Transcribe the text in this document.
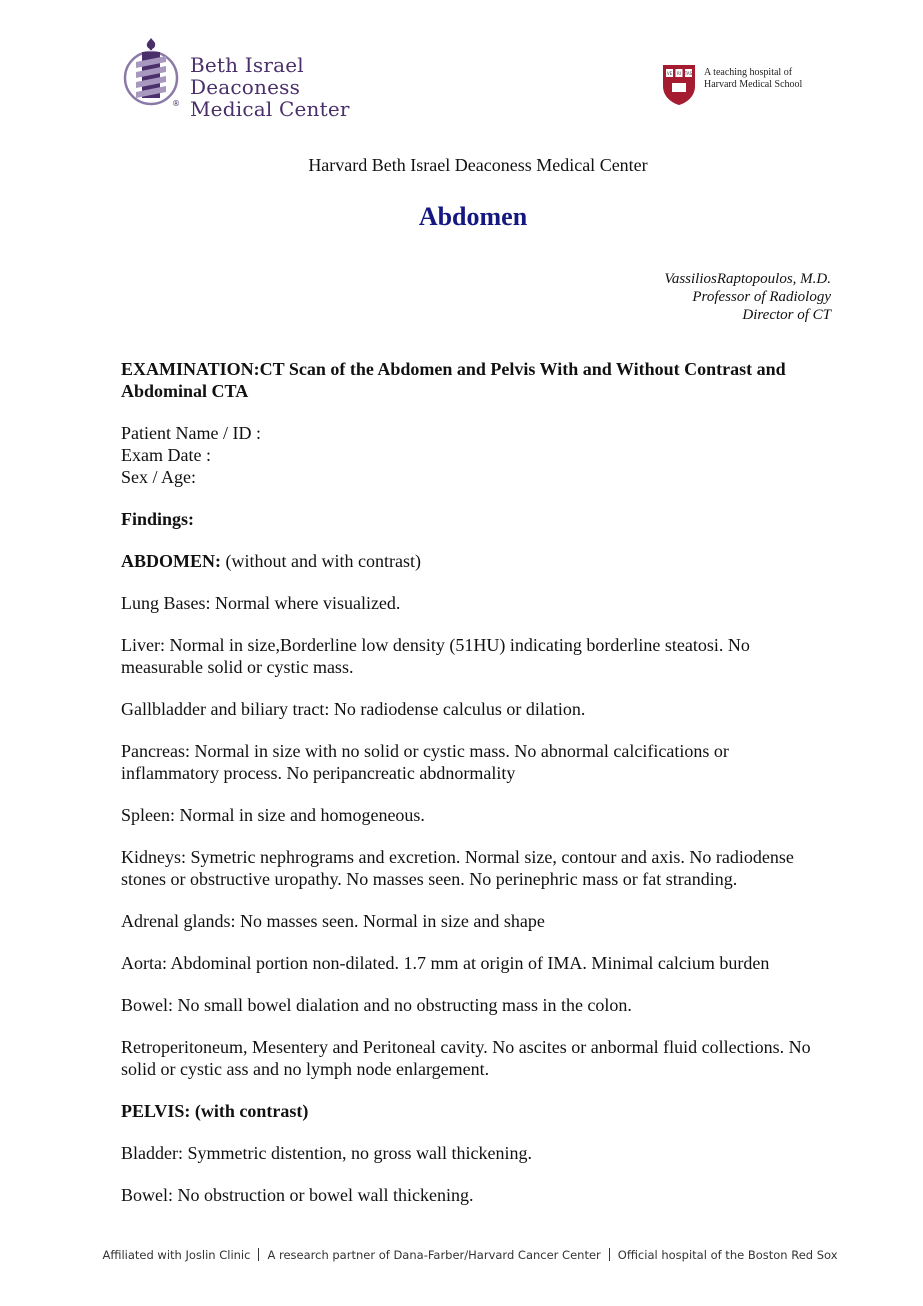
®
Beth Israel Deaconess
Medical Center
VE RI TAS A teaching hospital of
Harvard Medical School
Harvard Beth Israel Deaconess Medical Center
Abdomen
VassiliosRaptopoulos, M.D.
Professor of Radiology
Director of CT
EXAMINATION:CT Scan of the Abdomen and Pelvis With and Without Contrast and
Abdominal CTA
Patient Name / ID :
Exam Date :
Sex / Age:
Findings:
ABDOMEN: (without and with contrast)
Lung Bases: Normal where visualized.
Liver: Normal in size,Borderline low density (51HU) indicating borderline steatosi. No
measurable solid or cystic mass.
Gallbladder and biliary tract: No radiodense calculus or dilation.
Pancreas: Normal in size with no solid or cystic mass. No abnormal calcifications or
inflammatory process. No peripancreatic abdnormality
Spleen: Normal in size and homogeneous.
Kidneys: Symetric nephrograms and excretion. Normal size, contour and axis. No radiodense
stones or obstructive uropathy. No masses seen. No perinephric mass or fat stranding.
Adrenal glands: No masses seen. Normal in size and shape
Aorta: Abdominal portion non-dilated. 1.7 mm at origin of IMA. Minimal calcium burden
Bowel: No small bowel dialation and no obstructing mass in the colon.
Retroperitoneum, Mesentery and Peritoneal cavity. No ascites or anbormal fluid collections. No
solid or cystic ass and no lymph node enlargement.
PELVIS: (with contrast)
Bladder: Symmetric distention, no gross wall thickening.
Bowel: No obstruction or bowel wall thickening.
Affiliated with Joslin Clinic A research partner of Dana-Farber/Harvard Cancer Center Official hospital of the Boston Red Sox
